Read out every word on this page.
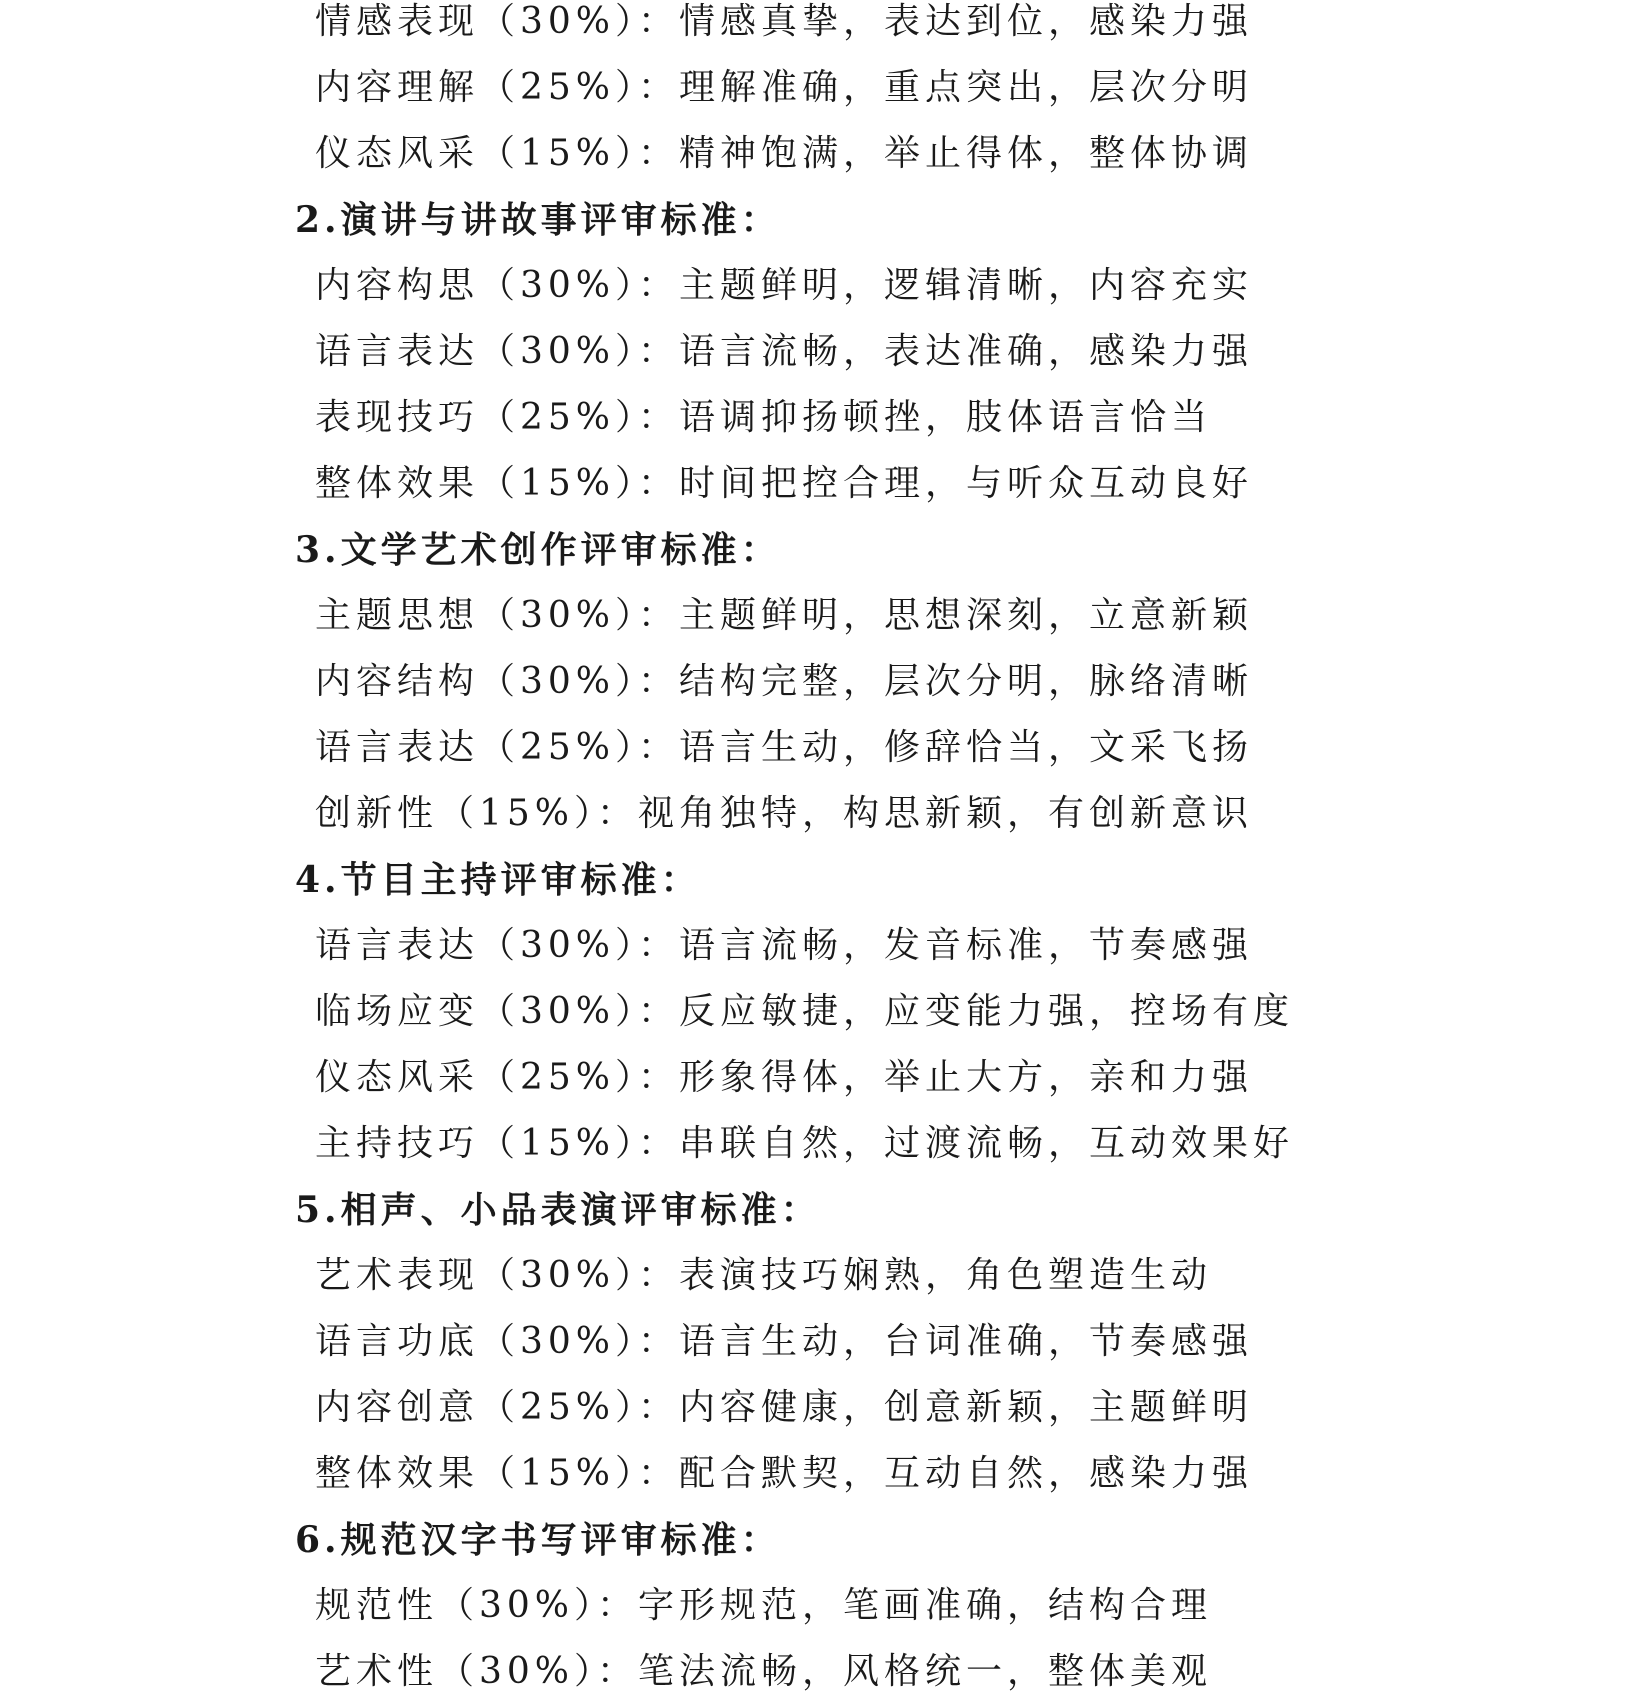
情感表现（30%）：情感真挚，表达到位，感染力强
内容理解（25%）：理解准确，重点突出，层次分明
仪态风采（15%）：精神饱满，举止得体，整体协调
2.演讲与讲故事评审标准：
内容构思（30%）：主题鲜明，逻辑清晰，内容充实
语言表达（30%）：语言流畅，表达准确，感染力强
表现技巧（25%）：语调抑扬顿挫，肢体语言恰当
整体效果（15%）：时间把控合理，与听众互动良好
3.文学艺术创作评审标准：
主题思想（30%）：主题鲜明，思想深刻，立意新颖
内容结构（30%）：结构完整，层次分明，脉络清晰
语言表达（25%）：语言生动，修辞恰当，文采飞扬
创新性（15%）：视角独特，构思新颖，有创新意识
4.节目主持评审标准：
语言表达（30%）：语言流畅，发音标准，节奏感强
临场应变（30%）：反应敏捷，应变能力强，控场有度
仪态风采（25%）：形象得体，举止大方，亲和力强
主持技巧（15%）：串联自然，过渡流畅，互动效果好
5.相声、小品表演评审标准：
艺术表现（30%）：表演技巧娴熟，角色塑造生动
语言功底（30%）：语言生动，台词准确，节奏感强
内容创意（25%）：内容健康，创意新颖，主题鲜明
整体效果（15%）：配合默契，互动自然，感染力强
6.规范汉字书写评审标准：
规范性（30%）：字形规范，笔画准确，结构合理
艺术性（30%）：笔法流畅，风格统一，整体美观
